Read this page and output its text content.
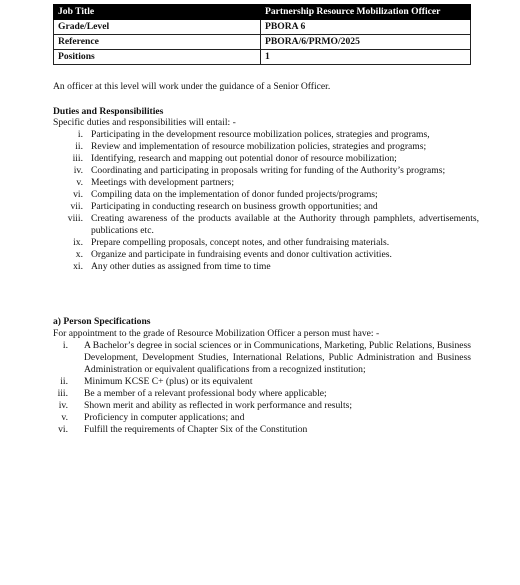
Job Title	Partnership Resource Mobilization Officer
Grade/Level	PBORA 6
Reference	PBORA/6/PRMO/2025
Positions	1
An officer at this level will work under the guidance of a Senior Officer.
Duties and Responsibilities
Specific duties and responsibilities will entail: -
i. Participating in the development resource mobilization polices, strategies and programs,
ii. Review and implementation of resource mobilization policies, strategies and programs;
iii. Identifying, research and mapping out potential donor of resource mobilization;
iv. Coordinating and participating in proposals writing for funding of the Authority’s programs;
v. Meetings with development partners;
vi. Compiling data on the implementation of donor funded projects/programs;
vii. Participating in conducting research on business growth opportunities; and
viii. Creating awareness of the products available at the Authority through pamphlets, advertisements, publications etc.
ix. Prepare compelling proposals, concept notes, and other fundraising materials.
x. Organize and participate in fundraising events and donor cultivation activities.
xi. Any other duties as assigned from time to time
a) Person Specifications
For appointment to the grade of Resource Mobilization Officer a person must have: -
i. A Bachelor’s degree in social sciences or in Communications, Marketing, Public Relations, Business Development, Development Studies, International Relations, Public Administration and Business Administration or equivalent qualifications from a recognized institution;
ii. Minimum KCSE C+ (plus) or its equivalent
iii. Be a member of a relevant professional body where applicable;
iv. Shown merit and ability as reflected in work performance and results;
v. Proficiency in computer applications; and
vi. Fulfill the requirements of Chapter Six of the Constitution
